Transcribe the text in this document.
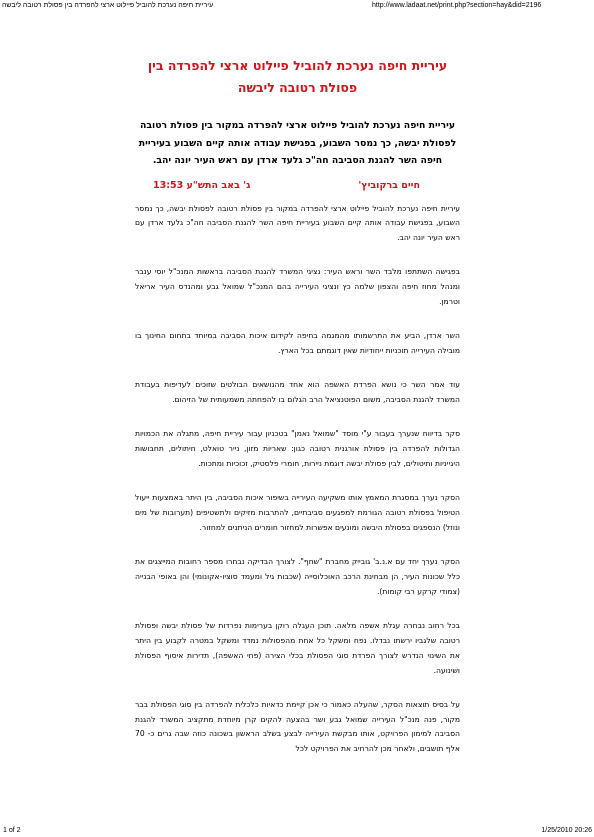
עיריית חיפה נערכת להוביל פיילוט ארצי להפרדה בין פסולת רטובה ליבשה	http://www.ladaat.net/print.php?section=hay&did=2196
עיריית חיפה נערכת להוביל פיילוט ארצי להפרדה בין פסולת רטובה ליבשה

עיריית חיפה נערכת להוביל פיילוט ארצי להפרדה במקור בין פסולת רטובה לפסולת יבשה, כך נמסר השבוע, בפגישת עבודה אותה קיים השבוע בעיריית חיפה השר להגנת הסביבה חה"כ גלעד ארדן עם ראש העיר יונה יהב.

חיים ברקוביץ'
ג' באב התש"ע 13:53

עיריית חיפה נערכת להוביל פיילוט ארצי להפרדה במקור בין פסולת רטובה לפסולת יבשה, כך נמסר השבוע, בפגישת עבודה אותה קיים השבוע בעיריית חיפה השר להגנת הסביבה חה"כ גלעד ארדן עם ראש העיר יונה יהב.

בפגישה השתתפו מלבד השר וראש העיר: נציגי המשרד להגנת הסביבה בראשות המנכ"ל יוסי ענבר ומנהל מחוז חיפה והצפון שלמה כץ ונציגי העירייה בהם המנכ"ל שמואל גבע ומהנדס העיר אריאל וטרמן.

השר ארדן, הביע את התרשמותו מהמגמה בחיפה לקידום איכות הסביבה במיוחד בתחום החינוך בו מובילה העירייה תוכניות ייחודיות שאין דוגמתם בכל הארץ.

עוד אמר השר כי נושא הפרדת האשפה הוא אחד מהנושאים הבולטים שזוכים לעדיפות בעבודת המשרד להגנת הסביבה, משום הפוטנציאל הרב הגלום בו להפחתה משמעותית של הזיהום.

סקר בדיווח שנערך בעבור ע"י מוסד "שמואל נאמן" בטכניון עבור עיריית חיפה, מתגלה את הכמויות הגדולות להפרדה בין פסולת אורגנית רטובה כגון: שאריות מזון, נייר טואלט, חיתולים, תחבושות היגייניות ותיטולים, לבין פסולת יבשה דוגמת ניירות, חומרי פלסטיק, זכוכיות ומתכות.

הסקר נערך במסגרת המאמץ אותו משקיעה העירייה בשיפור איכות הסביבה, בין היתר באמצעות ייעול הטיפול בפסולת רטובה הגורמת למפגעים סביבתיים, להתרבות מזיקים ולתשטיפים (תערובות של מים ונוזל) הנספגים בפסולת היבשה ומונעים אפשרות למחזור חומרים הניתנים למחזור.

הסקר נערך יחד עם א.נ.ב' גובייק מחברת "שחף". לצורך הבדיקה נבחרו מספר רחובות המייצגים את כלל שכונות העיר, הן מבחינת הרכב האוכלוסייה (שכבות גיל ומעמד סוציו-אקונומי) והן באופי הבנייה (צמודי קרקע רבי קומות).

בכל רחוב נבחרה עגלת אשפה מלאה. תוכן העגלה רוקן בערימות נפרדות של פסולת יבשה ופסולת רטובה שלגביו ירשתו נבדלו. נפח ומשקל כל אחת מהפסולות נמדד ומשקל במטרה לקבוע בין היתר את השינוי הנדרש לצורך הפרדת סוגי הפסולת בכלי הצירה (פחי האשפה), תדירות איסוף הפסולת ושינועה.

על בסיס תוצאות הסקר, שהעלה כאמור כי אכן קיימת כדאיות כלכלית להפרדה בין סוגי הפסולת בבר מקור, פנה מנכ"ל העירייה שמואל גבע ושר בהצעה להקים קרן מיוחדת מתקציב המשרד להגנת הסביבה למימון הפרויקט, אותו מבקשת העירייה לבצע בשלב הראשון בשכונה כוזה שבה גרים כ- 70 אלף תושבים, ולאחר מכן להרחיב את הפרויקט לכל

1 of 2	1/25/2010 20:26
